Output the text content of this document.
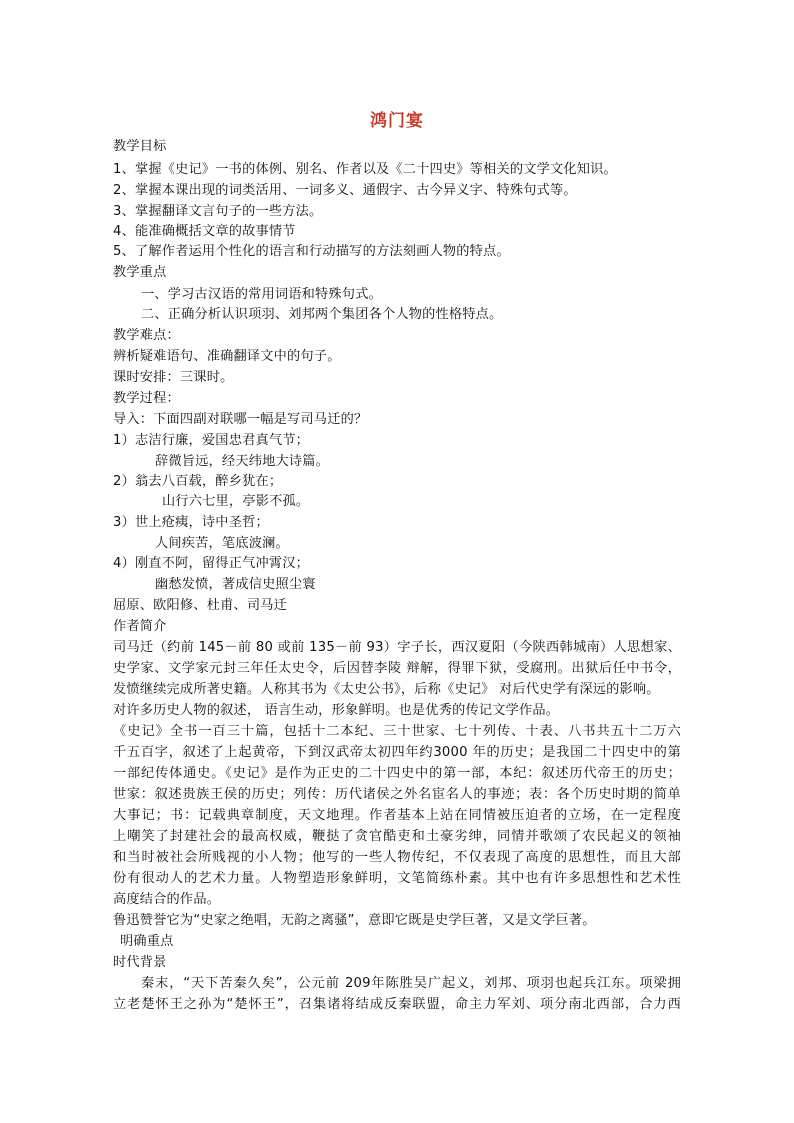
鸿门宴
教学目标
1、掌握《史记》一书的体例、别名、作者以及《二十四史》等相关的文学文化知识。
2、掌握本课出现的词类活用、一词多义、通假字、古今异义字、特殊句式等。
3、掌握翻译文言句子的一些方法。
4、能准确概括文章的故事情节
5、了解作者运用个性化的语言和行动描写的方法刻画人物的特点。
教学重点
一、学习古汉语的常用词语和特殊句式。
二、正确分析认识项羽、刘邦两个集团各个人物的性格特点。
教学难点：
辨析疑难语句、准确翻译文中的句子。
课时安排：三课时。
教学过程：
导入：下面四副对联哪一幅是写司马迁的？
1）志洁行廉，爱国忠君真气节；
辞微旨远，经天纬地大诗篇。
2）翁去八百载，醉乡犹在；
山行六七里，亭影不孤。
3）世上疮痍，诗中圣哲；
人间疾苦，笔底波澜。
4）刚直不阿，留得正气冲霄汉；
幽愁发愤，著成信史照尘寰
屈原、欧阳修、杜甫、司马迁
作者简介
司马迁（约前 145－前 80 或前 135－前 93）字子长，西汉夏阳（今陕西韩城南）人思想家、
史学家、文学家元封三年任太史令，后因替李陵 辩解，得罪下狱，受腐刑。出狱后任中书令，
发愤继续完成所著史籍。人称其书为《太史公书》，后称《史记》 对后代史学有深远的影响。
对许多历史人物的叙述， 语言生动，形象鲜明。也是优秀的传记文学作品。
《史记》全书一百三十篇，包括十二本纪、三十世家、七十列传、十表、八书共五十二万六
千五百字，叙述了上起黄帝，下到汉武帝太初四年约3000 年的历史；是我国二十四史中的第
一部纪传体通史。《史记》是作为正史的二十四史中的第一部，本纪：叙述历代帝王的历史；
世家：叙述贵族王侯的历史；列传：历代诸侯之外名宦名人的事迹；表：各个历史时期的简单
大事记；书：记载典章制度，天文地理。作者基本上站在同情被压迫者的立场，在一定程度
上嘲笑了封建社会的最高权威，鞭挞了贪官酷吏和土豪劣绅，同情并歌颂了农民起义的领袖
和当时被社会所贱视的小人物；他写的一些人物传纪，不仅表现了高度的思想性，而且大部
份有很动人的艺术力量。人物塑造形象鲜明，文笔简练朴素。其中也有许多思想性和艺术性
高度结合的作品。
鲁迅赞誉它为“史家之绝唱，无韵之离骚”，意即它既是史学巨著，又是文学巨著。
明确重点
时代背景
秦末，“天下苦秦久矣”，公元前 209年陈胜吴广起义，刘邦、项羽也起兵江东。项梁拥
立老楚怀王之孙为“楚怀王”，召集诸将结成反秦联盟，命主力军刘、项分南北西部，合力西
